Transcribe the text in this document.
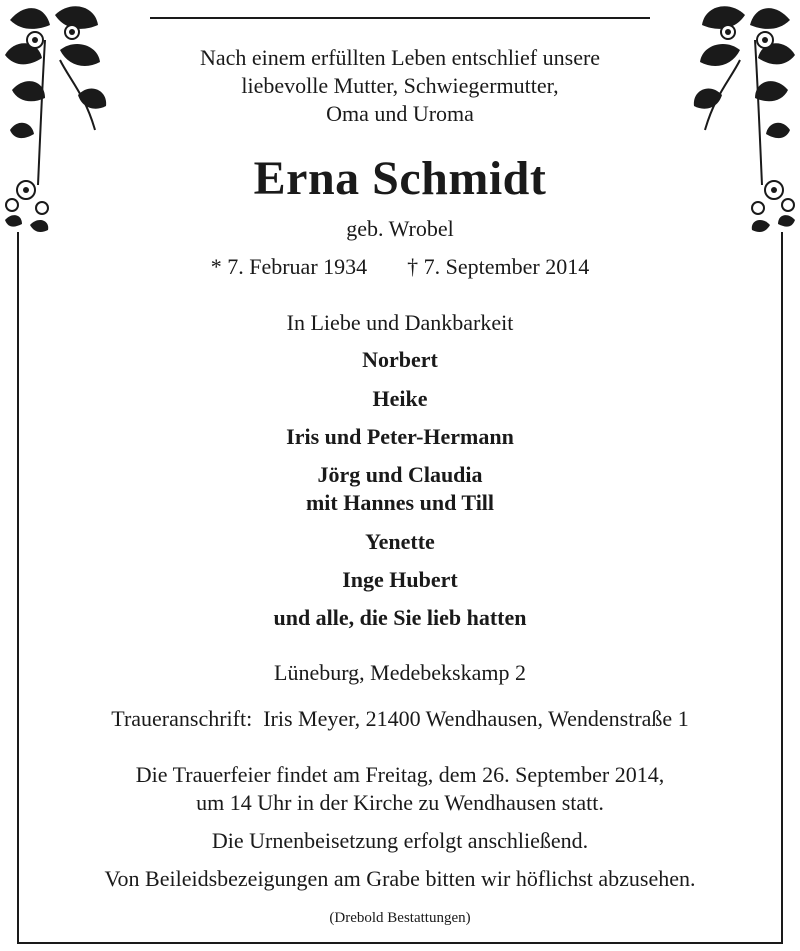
Nach einem erfüllten Leben entschlief unsere
liebevolle Mutter, Schwiegermutter,
Oma und Uroma
Erna Schmidt
geb. Wrobel
* 7. Februar 1934 † 7. September 2014
In Liebe und Dankbarkeit
Norbert
Heike
Iris und Peter-Hermann
Jörg und Claudia
mit Hannes und Till
Yenette
Inge Hubert
und alle, die Sie lieb hatten
Lüneburg, Medebekskamp 2
Traueranschrift:  Iris Meyer, 21400 Wendhausen, Wendenstraße 1
Die Trauerfeier findet am Freitag, dem 26. September 2014,
um 14 Uhr in der Kirche zu Wendhausen statt.
Die Urnenbeisetzung erfolgt anschließend.
Von Beileidsbezeigungen am Grabe bitten wir höflichst abzusehen.
(Drebold Bestattungen)
